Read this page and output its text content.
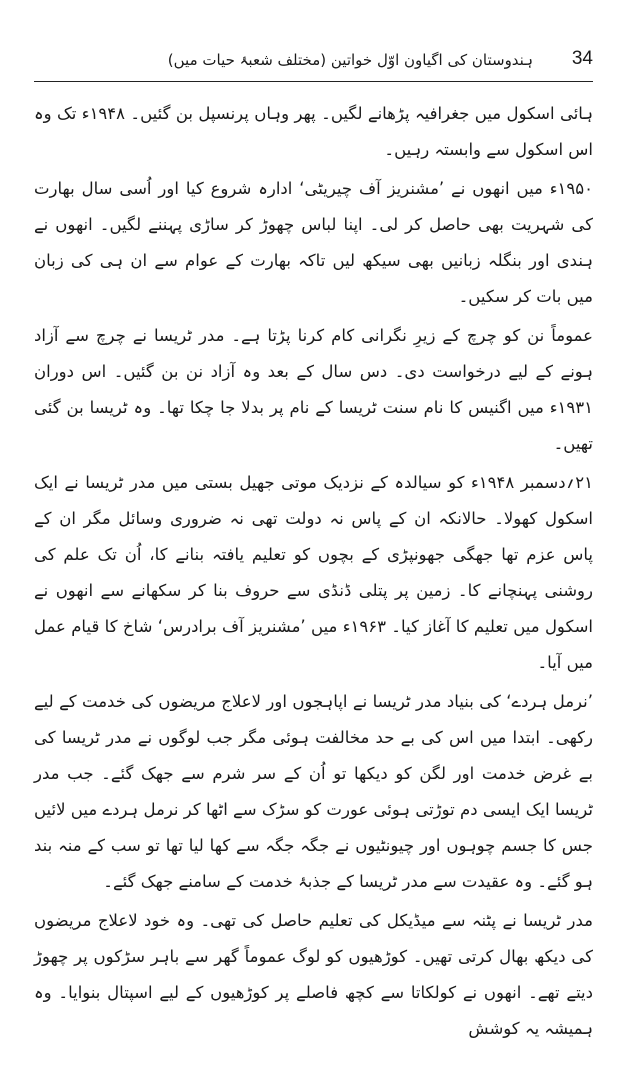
34
ہندوستان کی اگیاون اوّل خواتین (مختلف شعبۂ حیات میں)

ہائی اسکول میں جغرافیہ پڑھانے لگیں۔ پھر وہاں پرنسپل بن گئیں۔ ۱۹۴۸ء تک وہ اس اسکول سے وابستہ رہیں۔

۱۹۵۰ء میں انھوں نے ’مشنریز آف چیریٹی‘ ادارہ شروع کیا اور اُسی سال بھارت کی شہریت بھی حاصل کر لی۔ اپنا لباس چھوڑ کر ساڑی پہننے لگیں۔ انھوں نے ہندی اور بنگلہ زبانیں بھی سیکھ لیں تاکہ بھارت کے عوام سے ان ہی کی زبان میں بات کر سکیں۔

عموماً نن کو چرچ کے زیرِ نگرانی کام کرنا پڑتا ہے۔ مدر ٹریسا نے چرچ سے آزاد ہونے کے لیے درخواست دی۔ دس سال کے بعد وہ آزاد نن بن گئیں۔ اس دوران ۱۹۳۱ء میں اگنیس کا نام سنت ٹریسا کے نام پر بدلا جا چکا تھا۔ وہ ٹریسا بن گئی تھیں۔

۲۱؍دسمبر ۱۹۴۸ء کو سیالدہ کے نزدیک موتی جھیل بستی میں مدر ٹریسا نے ایک اسکول کھولا۔ حالانکہ ان کے پاس نہ دولت تھی نہ ضروری وسائل مگر ان کے پاس عزم تھا جھگی جھونپڑی کے بچوں کو تعلیم یافتہ بنانے کا، اُن تک علم کی روشنی پہنچانے کا۔ زمین پر پتلی ڈنڈی سے حروف بنا کر سکھانے سے انھوں نے اسکول میں تعلیم کا آغاز کیا۔ ۱۹۶۳ء میں ’مشنریز آف برادرس‘ شاخ کا قیام عمل میں آیا۔

’نرمل ہردے‘ کی بنیاد مدر ٹریسا نے اپاہجوں اور لاعلاج مریضوں کی خدمت کے لیے رکھی۔ ابتدا میں اس کی بے حد مخالفت ہوئی مگر جب لوگوں نے مدر ٹریسا کی بے غرض خدمت اور لگن کو دیکھا تو اُن کے سر شرم سے جھک گئے۔ جب مدر ٹریسا ایک ایسی دم توڑتی ہوئی عورت کو سڑک سے اٹھا کر نرمل ہردے میں لائیں جس کا جسم چوہوں اور چیونٹیوں نے جگہ جگہ سے کھا لیا تھا تو سب کے منہ بند ہو گئے۔ وہ عقیدت سے مدر ٹریسا کے جذبۂ خدمت کے سامنے جھک گئے۔

مدر ٹریسا نے پٹنہ سے میڈیکل کی تعلیم حاصل کی تھی۔ وہ خود لاعلاج مریضوں کی دیکھ بھال کرتی تھیں۔ کوڑھیوں کو لوگ عموماً گھر سے باہر سڑکوں پر چھوڑ دیتے تھے۔ انھوں نے کولکاتا سے کچھ فاصلے پر کوڑھیوں کے لیے اسپتال بنوایا۔ وہ ہمیشہ یہ کوشش
